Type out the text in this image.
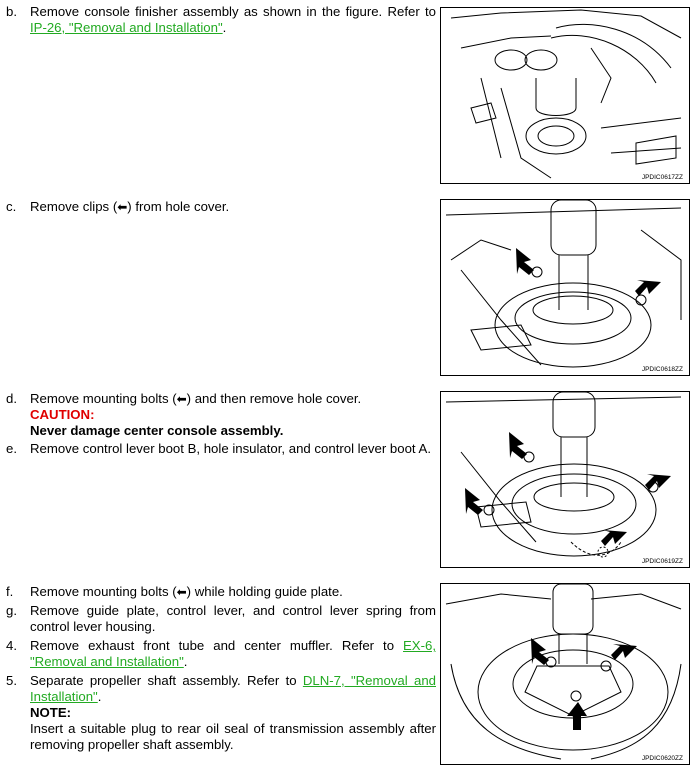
b. Remove console finisher assembly as shown in the figure. Refer to IP-26, "Removal and Installation".
c. Remove clips (⬅) from hole cover.
d. Remove mounting bolts (⬅) and then remove hole cover.
CAUTION:
Never damage center console assembly.
e. Remove control lever boot B, hole insulator, and control lever boot A.
f. Remove mounting bolts (⬅) while holding guide plate.
g. Remove guide plate, control lever, and control lever spring from control lever housing.
4. Remove exhaust front tube and center muffler. Refer to EX-6, "Removal and Installation".
5. Separate propeller shaft assembly. Refer to DLN-7, "Removal and Installation".
NOTE:
Insert a suitable plug to rear oil seal of transmission assembly after removing propeller shaft assembly.
JPDIC0617ZZ
JPDIC0618ZZ
JPDIC0619ZZ
JPDIC0620ZZ
